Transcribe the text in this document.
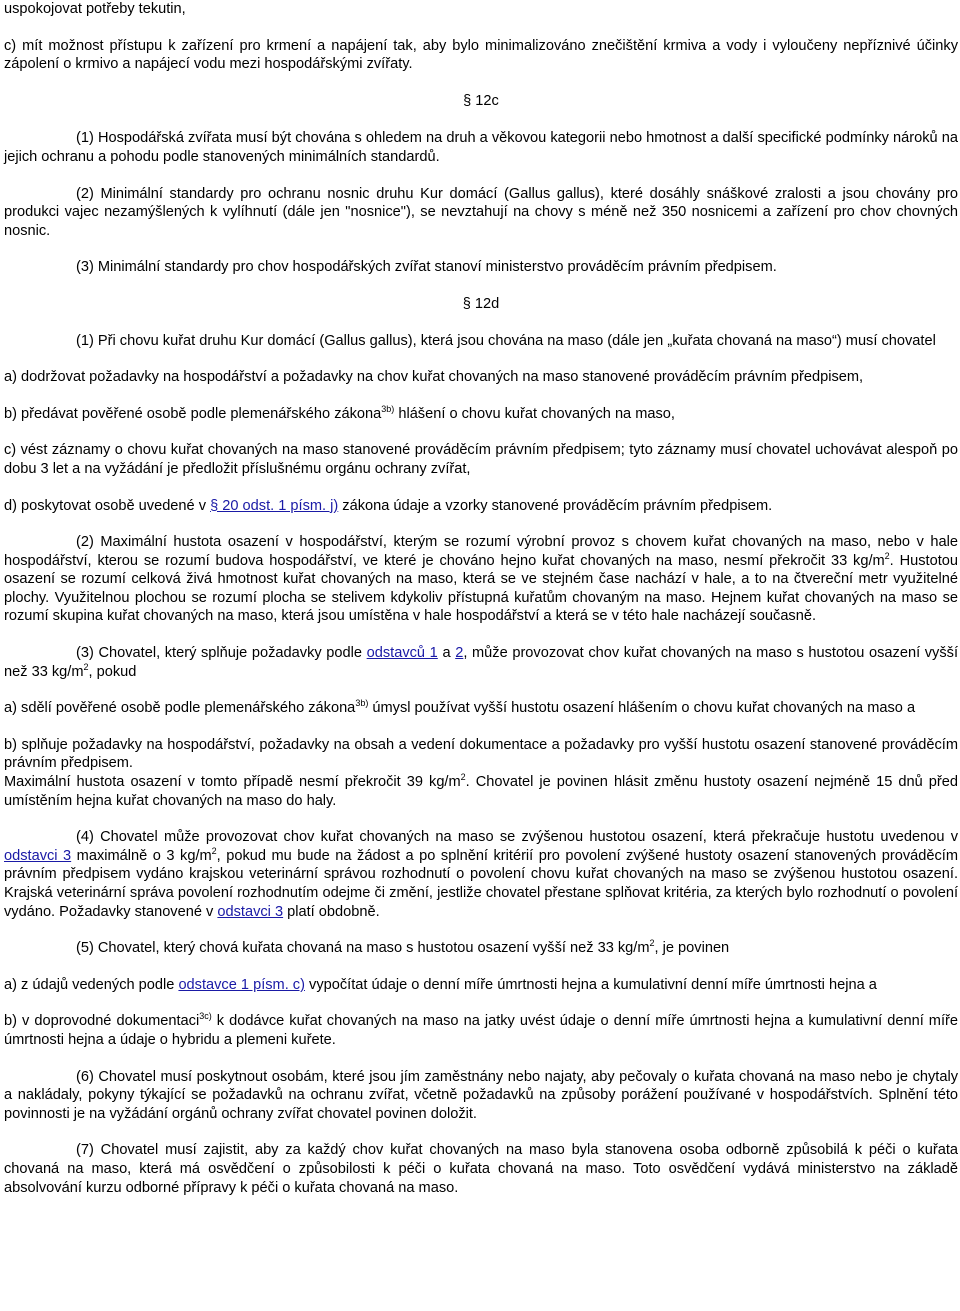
uspokojovat potřeby tekutin,

c) mít možnost přístupu k zařízení pro krmení a napájení tak, aby bylo minimalizováno znečištění krmiva a vody i vyloučeny nepříznivé účinky zápolení o krmivo a napájecí vodu mezi hospodářskými zvířaty.

§ 12c

(1) Hospodářská zvířata musí být chována s ohledem na druh a věkovou kategorii nebo hmotnost a další specifické podmínky nároků na jejich ochranu a pohodu podle stanovených minimálních standardů.

(2) Minimální standardy pro ochranu nosnic druhu Kur domácí (Gallus gallus), které dosáhly snáškové zralosti a jsou chovány pro produkci vajec nezamýšlených k vylíhnutí (dále jen "nosnice"), se nevztahují na chovy s méně než 350 nosnicemi a zařízení pro chov chovných nosnic.

(3) Minimální standardy pro chov hospodářských zvířat stanoví ministerstvo prováděcím právním předpisem.

§ 12d

(1) Při chovu kuřat druhu Kur domácí (Gallus gallus), která jsou chována na maso (dále jen „kuřata chovaná na maso“) musí chovatel

a) dodržovat požadavky na hospodářství a požadavky na chov kuřat chovaných na maso stanovené prováděcím právním předpisem,

b) předávat pověřené osobě podle plemenářského zákona$^{3b)}$ hlášení o chovu kuřat chovaných na maso,

c) vést záznamy o chovu kuřat chovaných na maso stanovené prováděcím právním předpisem; tyto záznamy musí chovatel uchovávat alespoň po dobu 3 let a na vyžádání je předložit příslušnému orgánu ochrany zvířat,

d) poskytovat osobě uvedené v § 20 odst. 1 písm. j) zákona údaje a vzorky stanovené prováděcím právním předpisem.

(2) Maximální hustota osazení v hospodářství, kterým se rozumí výrobní provoz s chovem kuřat chovaných na maso, nebo v hale hospodářství, kterou se rozumí budova hospodářství, ve které je chováno hejno kuřat chovaných na maso, nesmí překročit 33 $kg/m^2$. Hustotou osazení se rozumí celková živá hmotnost kuřat chovaných na maso, která se ve stejném čase nachází v hale, a to na čtvereční metr využitelné plochy. Využitelnou plochou se rozumí plocha se stelivem kdykoliv přístupná kuřatům chovaným na maso. Hejnem kuřat chovaných na maso se rozumí skupina kuřat chovaných na maso, která jsou umístěna v hale hospodářství a která se v této hale nacházejí současně.

(3) Chovatel, který splňuje požadavky podle odstavců 1 a 2, může provozovat chov kuřat chovaných na maso s hustotou osazení vyšší než 33 $kg/m^2$, pokud

a) sdělí pověřené osobě podle plemenářského zákona$^{3b)}$ úmysl používat vyšší hustotu osazení hlášením o chovu kuřat chovaných na maso a

b) splňuje požadavky na hospodářství, požadavky na obsah a vedení dokumentace a požadavky pro vyšší hustotu osazení stanovené prováděcím právním předpisem.

Maximální hustota osazení v tomto případě nesmí překročit 39 $kg/m^2$. Chovatel je povinen hlásit změnu hustoty osazení nejméně 15 dnů před umístěním hejna kuřat chovaných na maso do haly.

(4) Chovatel může provozovat chov kuřat chovaných na maso se zvýšenou hustotou osazení, která překračuje hustotu uvedenou v odstavci 3 maximálně o 3 $kg/m^2$, pokud mu bude na žádost a po splnění kritérií pro povolení zvýšené hustoty osazení stanovených prováděcím právním předpisem vydáno krajskou veterinární správou rozhodnutí o povolení chovu kuřat chovaných na maso se zvýšenou hustotou osazení. Krajská veterinární správa povolení rozhodnutím odejme či změní, jestliže chovatel přestane splňovat kritéria, za kterých bylo rozhodnutí o povolení vydáno. Požadavky stanovené v odstavci 3 platí obdobně.

(5) Chovatel, který chová kuřata chovaná na maso s hustotou osazení vyšší než 33 $kg/m^2$, je povinen

a) z údajů vedených podle odstavce 1 písm. c) vypočítat údaje o denní míře úmrtnosti hejna a kumulativní denní míře úmrtnosti hejna a

b) v doprovodné dokumentaci$^{3c)}$ k dodávce kuřat chovaných na maso na jatky uvést údaje o denní míře úmrtnosti hejna a kumulativní denní míře úmrtnosti hejna a údaje o hybridu a plemeni kuřete.

(6) Chovatel musí poskytnout osobám, které jsou jím zaměstnány nebo najaty, aby pečovaly o kuřata chovaná na maso nebo je chytaly a nakládaly, pokyny týkající se požadavků na ochranu zvířat, včetně požadavků na způsoby porážení používané v hospodářstvích. Splnění této povinnosti je na vyžádání orgánů ochrany zvířat chovatel povinen doložit.

(7) Chovatel musí zajistit, aby za každý chov kuřat chovaných na maso byla stanovena osoba odborně způsobilá k péči o kuřata chovaná na maso, která má osvědčení o způsobilosti k péči o kuřata chovaná na maso. Toto osvědčení vydává ministerstvo na základě absolvování kurzu odborné přípravy k péči o kuřata chovaná na maso.
